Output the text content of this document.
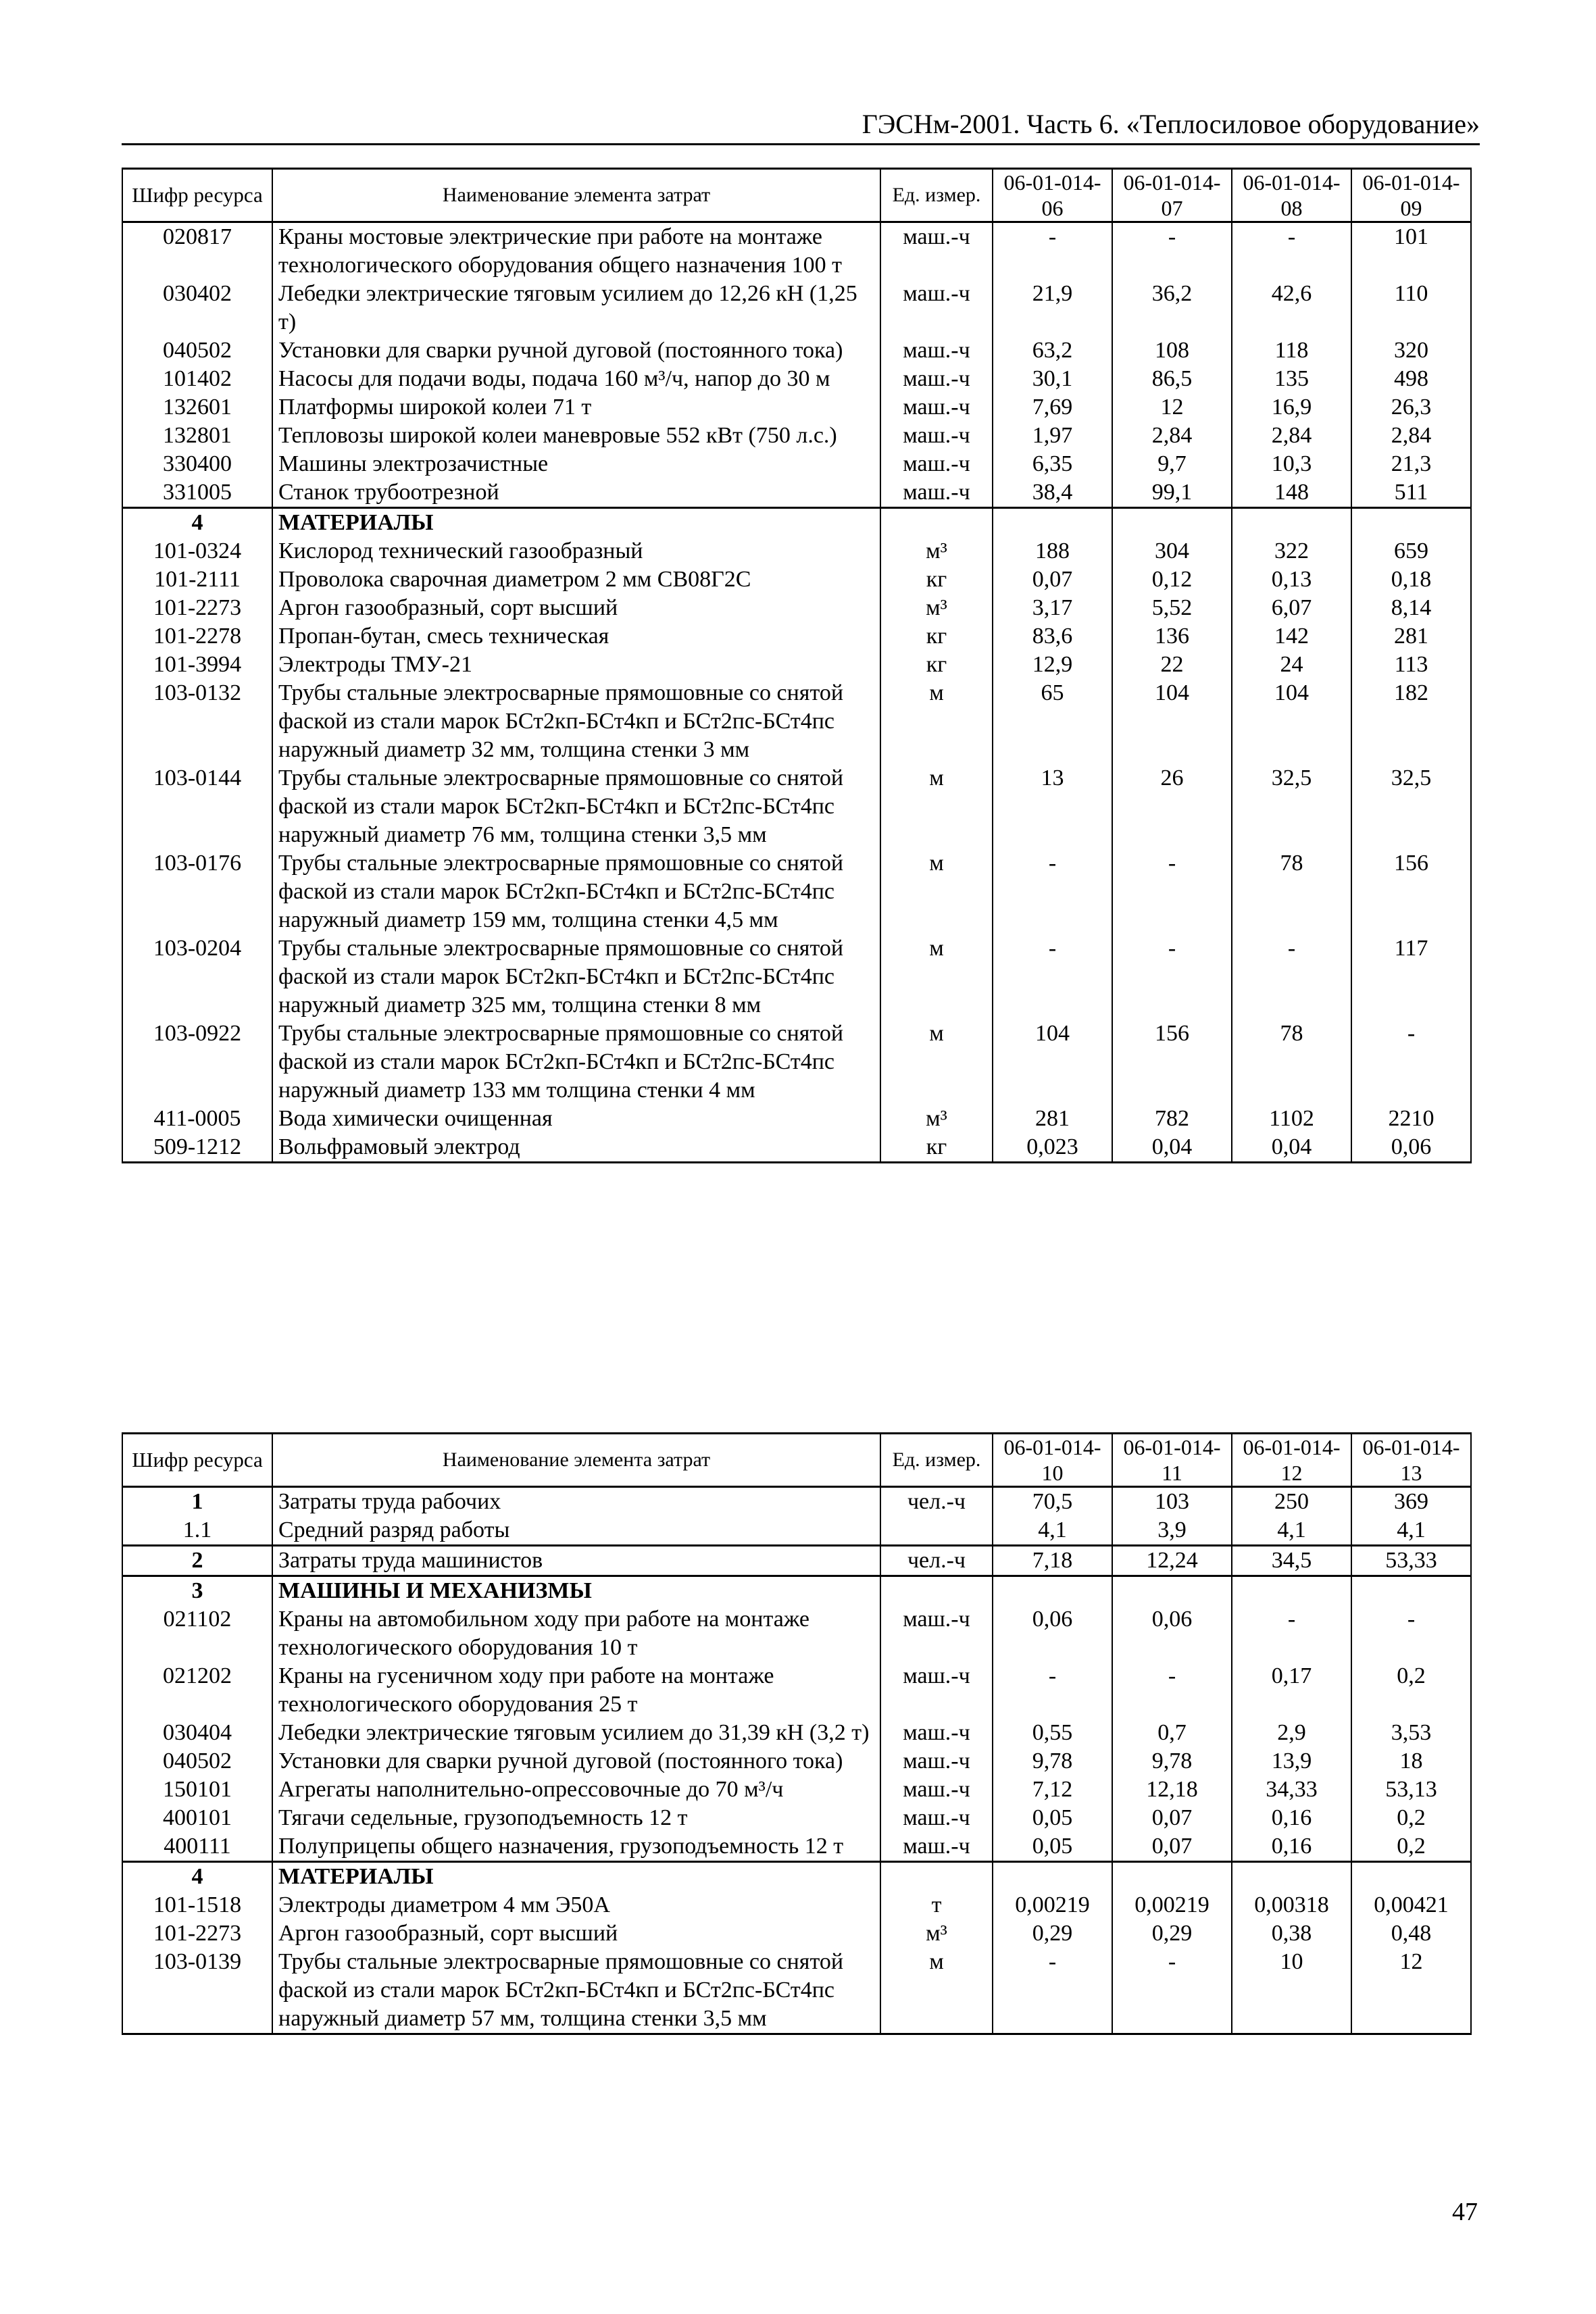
ГЭСНм-2001. Часть 6. «Теплосиловое оборудование»
Шифр ресурса	Наименование элемента затрат	Ед. измер.	06-01-014-06	06-01-014-07	06-01-014-08	06-01-014-09
020817	Краны мостовые электрические при работе на монтаже технологического оборудования общего назначения 100 т	маш.-ч	-	-	-	101
030402	Лебедки электрические тяговым усилием до 12,26 кН (1,25 т)	маш.-ч	21,9	36,2	42,6	110
040502	Установки для сварки ручной дуговой (постоянного тока)	маш.-ч	63,2	108	118	320
101402	Насосы для подачи воды, подача 160 м³/ч, напор до 30 м	маш.-ч	30,1	86,5	135	498
132601	Платформы широкой колеи 71 т	маш.-ч	7,69	12	16,9	26,3
132801	Тепловозы широкой колеи маневровые 552 кВт (750 л.с.)	маш.-ч	1,97	2,84	2,84	2,84
330400	Машины электрозачистные	маш.-ч	6,35	9,7	10,3	21,3
331005	Станок трубоотрезной	маш.-ч	38,4	99,1	148	511
4	МАТЕРИАЛЫ					
101-0324	Кислород технический газообразный	м³	188	304	322	659
101-2111	Проволока сварочная диаметром 2 мм СВ08Г2С	кг	0,07	0,12	0,13	0,18
101-2273	Аргон газообразный, сорт высший	м³	3,17	5,52	6,07	8,14
101-2278	Пропан-бутан, смесь техническая	кг	83,6	136	142	281
101-3994	Электроды ТМУ-21	кг	12,9	22	24	113
103-0132	Трубы стальные электросварные прямошовные со снятой фаской из стали марок БСт2кп-БСт4кп и БСт2пс-БСт4пс наружный диаметр 32 мм, толщина стенки 3 мм	м	65	104	104	182
103-0144	Трубы стальные электросварные прямошовные со снятой фаской из стали марок БСт2кп-БСт4кп и БСт2пс-БСт4пс наружный диаметр 76 мм, толщина стенки 3,5 мм	м	13	26	32,5	32,5
103-0176	Трубы стальные электросварные прямошовные со снятой фаской из стали марок БСт2кп-БСт4кп и БСт2пс-БСт4пс наружный диаметр 159 мм, толщина стенки 4,5 мм	м	-	-	78	156
103-0204	Трубы стальные электросварные прямошовные со снятой фаской из стали марок БСт2кп-БСт4кп и БСт2пс-БСт4пс наружный диаметр 325 мм, толщина стенки 8 мм	м	-	-	-	117
103-0922	Трубы стальные электросварные прямошовные со снятой фаской из стали марок БСт2кп-БСт4кп и БСт2пс-БСт4пс наружный диаметр 133 мм толщина стенки 4 мм	м	104	156	78	-
411-0005	Вода химически очищенная	м³	281	782	1102	2210
509-1212	Вольфрамовый электрод	кг	0,023	0,04	0,04	0,06
Шифр ресурса	Наименование элемента затрат	Ед. измер.	06-01-014-10	06-01-014-11	06-01-014-12	06-01-014-13
1	Затраты труда рабочих	чел.-ч	70,5	103	250	369
1.1	Средний разряд работы		4,1	3,9	4,1	4,1
2	Затраты труда машинистов	чел.-ч	7,18	12,24	34,5	53,33
3	МАШИНЫ И МЕХАНИЗМЫ					
021102	Краны на автомобильном ходу при работе на монтаже технологического оборудования 10 т	маш.-ч	0,06	0,06	-	-
021202	Краны на гусеничном ходу при работе на монтаже технологического оборудования 25 т	маш.-ч	-	-	0,17	0,2
030404	Лебедки электрические тяговым усилием до 31,39 кН (3,2 т)	маш.-ч	0,55	0,7	2,9	3,53
040502	Установки для сварки ручной дуговой (постоянного тока)	маш.-ч	9,78	9,78	13,9	18
150101	Агрегаты наполнительно-опрессовочные до 70 м³/ч	маш.-ч	7,12	12,18	34,33	53,13
400101	Тягачи седельные, грузоподъемность 12 т	маш.-ч	0,05	0,07	0,16	0,2
400111	Полуприцепы общего назначения, грузоподъемность 12 т	маш.-ч	0,05	0,07	0,16	0,2
4	МАТЕРИАЛЫ					
101-1518	Электроды диаметром 4 мм Э50А	т	0,00219	0,00219	0,00318	0,00421
101-2273	Аргон газообразный, сорт высший	м³	0,29	0,29	0,38	0,48
103-0139	Трубы стальные электросварные прямошовные со снятой фаской из стали марок БСт2кп-БСт4кп и БСт2пс-БСт4пс наружный диаметр 57 мм, толщина стенки 3,5 мм	м	-	-	10	12
47
